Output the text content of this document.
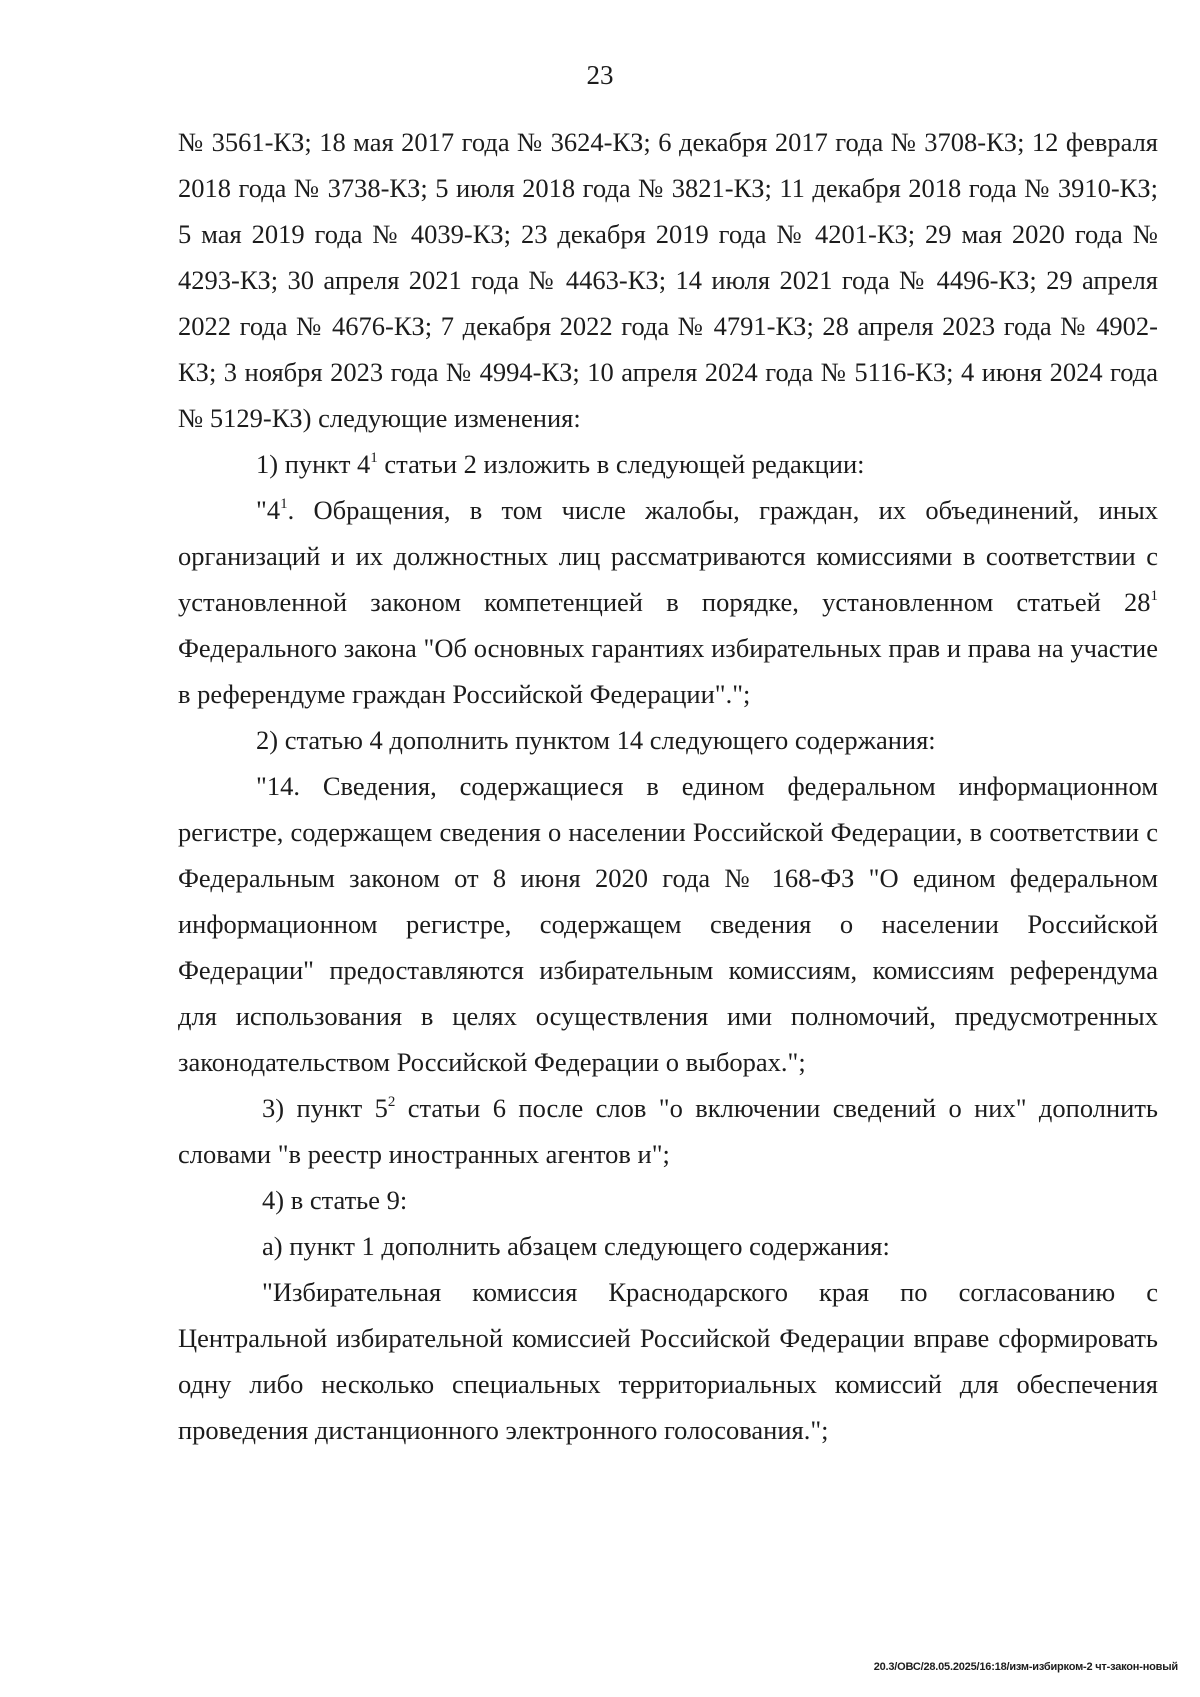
23

№ 3561-КЗ; 18 мая 2017 года № 3624-КЗ; 6 декабря 2017 года № 3708-КЗ; 12 февраля 2018 года № 3738-КЗ; 5 июля 2018 года № 3821-КЗ; 11 декабря 2018 года № 3910-КЗ; 5 мая 2019 года № 4039-КЗ; 23 декабря 2019 года № 4201-КЗ; 29 мая 2020 года № 4293-КЗ; 30 апреля 2021 года № 4463-КЗ; 14 июля 2021 года № 4496-КЗ; 29 апреля 2022 года № 4676-КЗ; 7 декабря 2022 года № 4791-КЗ; 28 апреля 2023 года № 4902-КЗ; 3 ноября 2023 года № 4994-КЗ; 10 апреля 2024 года № 5116-КЗ; 4 июня 2024 года № 5129-КЗ) следующие изменения:

1) пункт $4^1$ статьи 2 изложить в следующей редакции:

"$4^1$. Обращения, в том числе жалобы, граждан, их объединений, иных организаций и их должностных лиц рассматриваются комиссиями в соответствии с установленной законом компетенцией в порядке, установленном статьей $28^1$ Федерального закона "Об основных гарантиях избирательных прав и права на участие в референдуме граждан Российской Федерации".";

2) статью 4 дополнить пунктом 14 следующего содержания:

"14. Сведения, содержащиеся в едином федеральном информационном регистре, содержащем сведения о населении Российской Федерации, в соответствии с Федеральным законом от 8 июня 2020 года № 168-ФЗ "О едином федеральном информационном регистре, содержащем сведения о населении Российской Федерации" предоставляются избирательным комиссиям, комиссиям референдума для использования в целях осуществления ими полномочий, предусмотренных законодательством Российской Федерации о выборах.";

3) пункт $5^2$ статьи 6 после слов "о включении сведений о них" дополнить словами "в реестр иностранных агентов и";

4) в статье 9:

а) пункт 1 дополнить абзацем следующего содержания:

"Избирательная комиссия Краснодарского края по согласованию с Центральной избирательной комиссией Российской Федерации вправе сформировать одну либо несколько специальных территориальных комиссий для обеспечения проведения дистанционного электронного голосования.";

20.3/ОВС/28.05.2025/16:18/изм-избирком-2 чт-закон-новый
